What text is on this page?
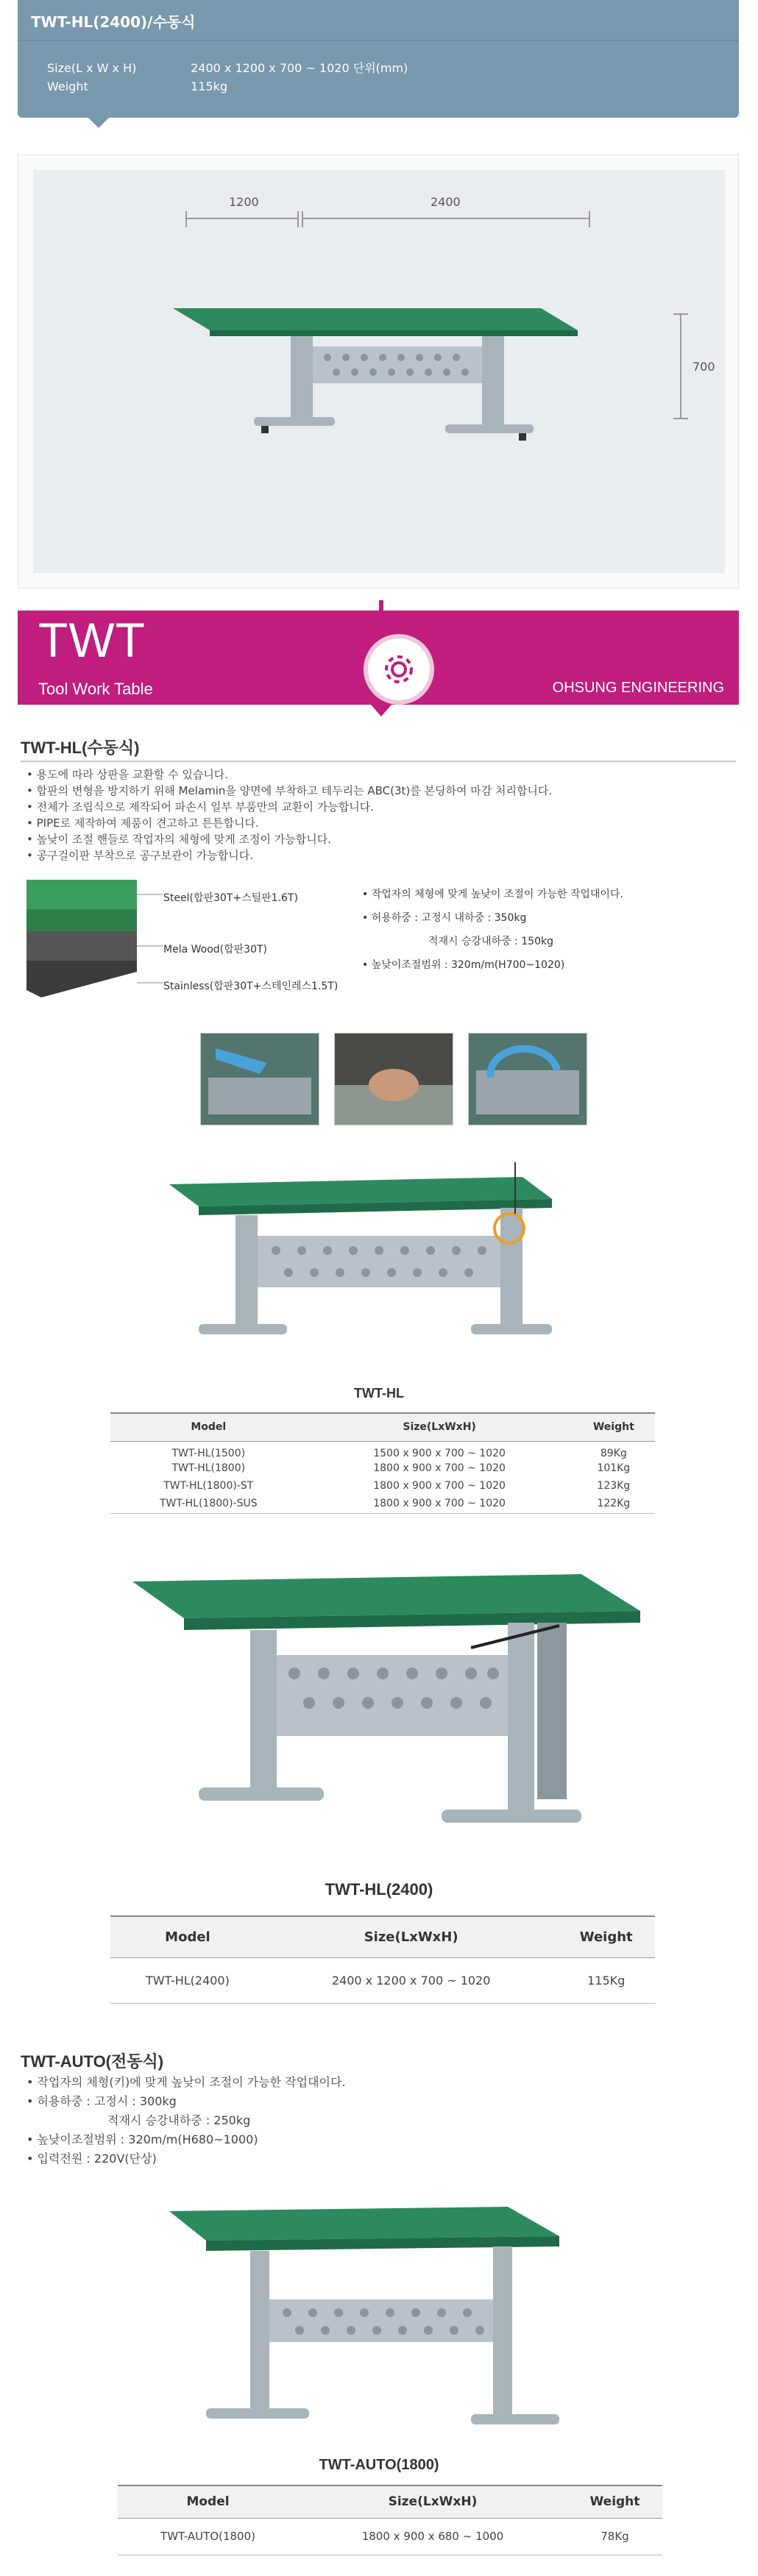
TWT-HL(2400)/수동식
Size(L x W x H)	2400 x 1200 x 700 ~ 1020 단위(mm)
Weight	115kg
1200	2400
700
TWT
Tool Work Table	OHSUNG ENGINEERING
TWT-HL(수동식)
• 용도에 따라 상판을 교환할 수 있습니다.
• 합판의 변형을 방지하기 위해 Melamin을 양면에 부착하고 테두리는 ABC(3t)를 본딩하여 마감 처리합니다.
• 전체가 조립식으로 제작되어 파손시 일부 부품만의 교환이 가능합니다.
• PIPE로 제작하여 제품이 견고하고 튼튼합니다.
• 높낮이 조절 핸들로 작업자의 체형에 맞게 조정이 가능합니다.
• 공구걸이판 부착으로 공구보관이 가능합니다.
Steel(합판30T+스틸판1.6T)
Mela Wood(합판30T)
Stainless(합판30T+스테인레스1.5T)
• 작업자의 체형에 맞게 높낮이 조절이 가능한 작업대이다.
• 허용하중 : 고정시 내하중 : 350kg
적재시 승강내하중 : 150kg
• 높낮이조절범위 : 320m/m(H700~1020)
TWT-HL
Model	Size(LxWxH)	Weight
TWT-HL(1500)	1500 x 900 x 700 ~ 1020	89Kg
TWT-HL(1800)	1800 x 900 x 700 ~ 1020	101Kg
TWT-HL(1800)-ST	1800 x 900 x 700 ~ 1020	123Kg
TWT-HL(1800)-SUS	1800 x 900 x 700 ~ 1020	122Kg
TWT-HL(2400)
Model	Size(LxWxH)	Weight
TWT-HL(2400)	2400 x 1200 x 700 ~ 1020	115Kg
TWT-AUTO(전동식)
• 작업자의 체형(키)에 맞게 높낮이 조절이 가능한 작업대이다.
• 허용하중 : 고정시 : 300kg
적재시 승강내하중 : 250kg
• 높낮이조절범위 : 320m/m(H680~1000)
• 입력전원 : 220V(단상)
TWT-AUTO(1800)
Model	Size(LxWxH)	Weight
TWT-AUTO(1800)	1800 x 900 x 680 ~ 1000	78Kg
